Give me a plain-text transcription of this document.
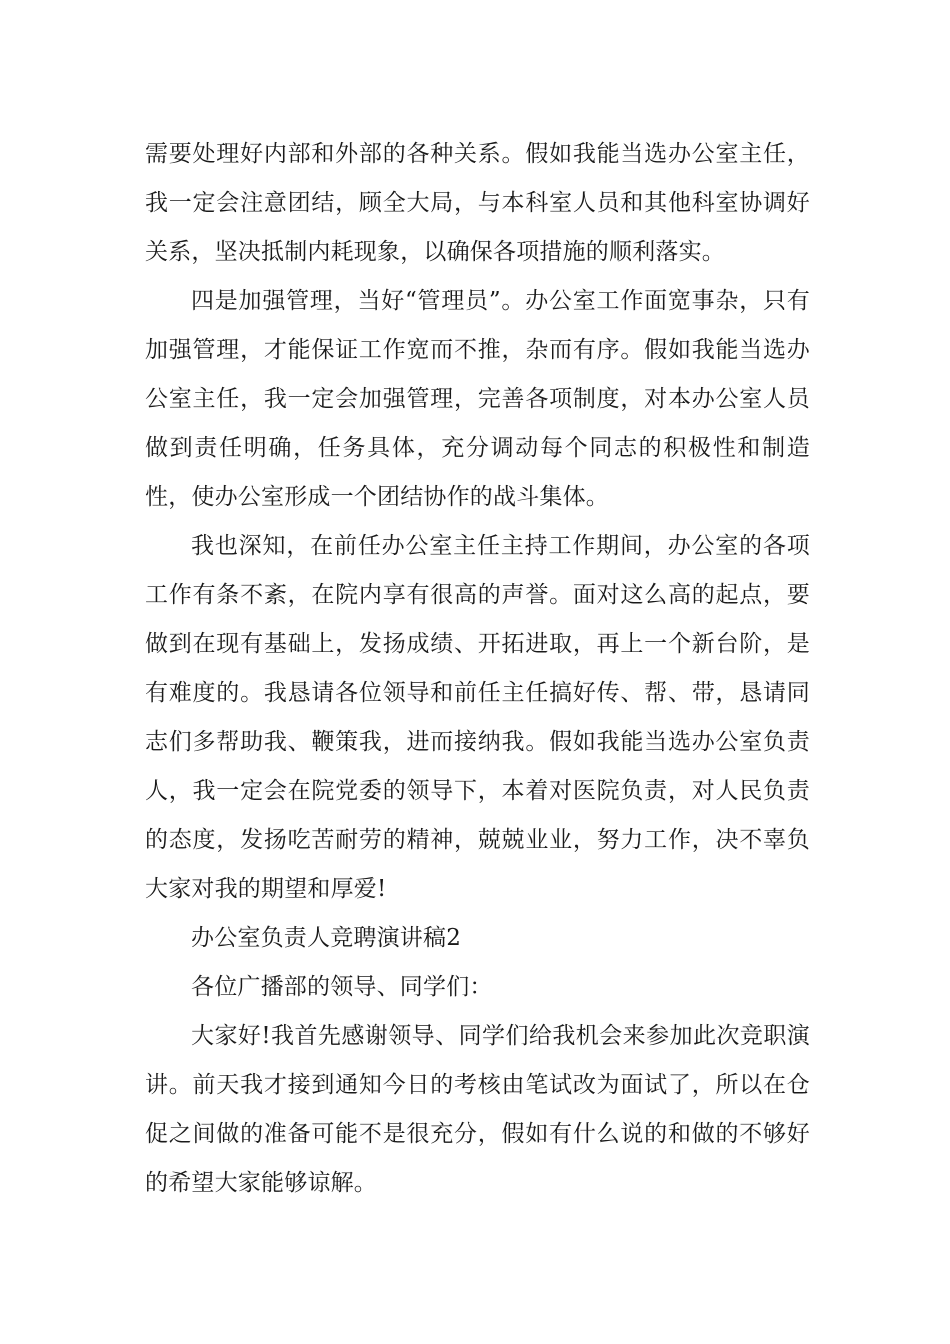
需要处理好内部和外部的各种关系。假如我能当选办公室主任，我一定会注意团结，顾全大局，与本科室人员和其他科室协调好关系，坚决抵制内耗现象，以确保各项措施的顺利落实。

四是加强管理，当好“管理员”。办公室工作面宽事杂，只有加强管理，才能保证工作宽而不推，杂而有序。假如我能当选办公室主任，我一定会加强管理，完善各项制度，对本办公室人员做到责任明确，任务具体，充分调动每个同志的积极性和制造性，使办公室形成一个团结协作的战斗集体。

我也深知，在前任办公室主任主持工作期间，办公室的各项工作有条不紊，在院内享有很高的声誉。面对这么高的起点，要做到在现有基础上，发扬成绩、开拓进取，再上一个新台阶，是有难度的。我恳请各位领导和前任主任搞好传、帮、带，恳请同志们多帮助我、鞭策我，进而接纳我。假如我能当选办公室负责人，我一定会在院党委的领导下，本着对医院负责，对人民负责的态度，发扬吃苦耐劳的精神，兢兢业业，努力工作，决不辜负大家对我的期望和厚爱!

办公室负责人竞聘演讲稿2

各位广播部的领导、同学们：

大家好!我首先感谢领导、同学们给我机会来参加此次竞职演讲。前天我才接到通知今日的考核由笔试改为面试了，所以在仓促之间做的准备可能不是很充分，假如有什么说的和做的不够好的希望大家能够谅解。
